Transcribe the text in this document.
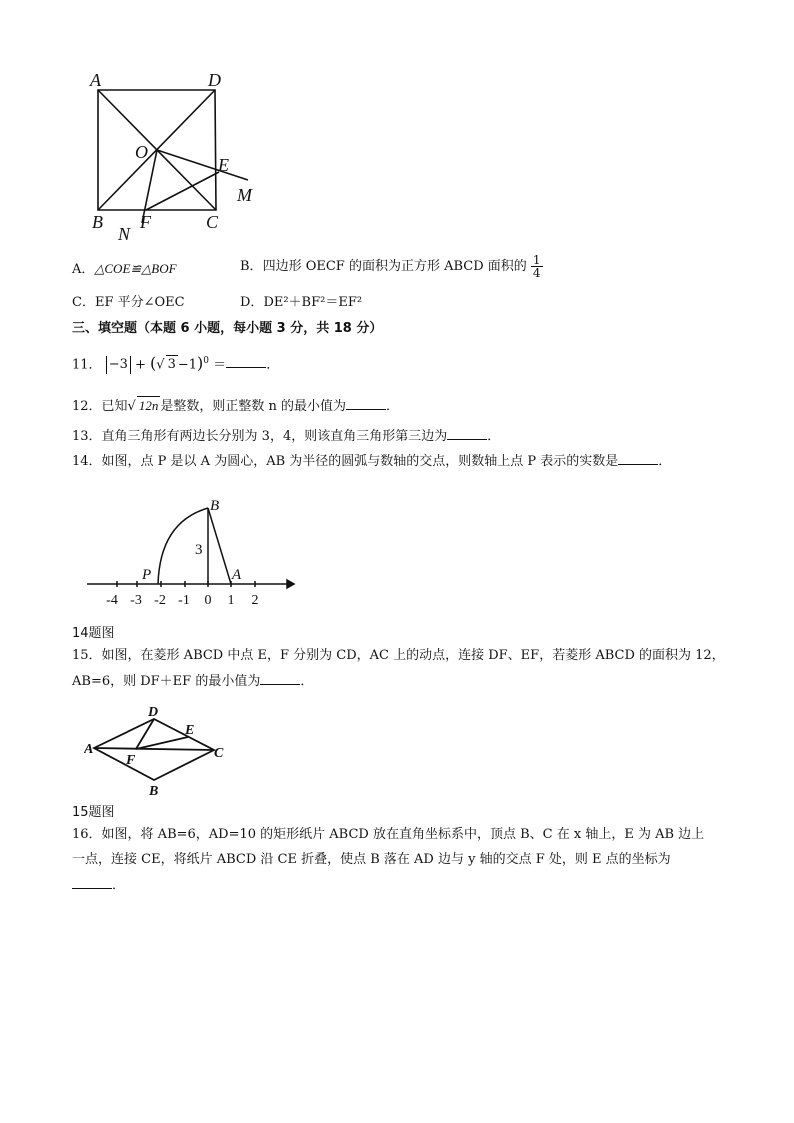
A	D
O
E
M
B
N
F	C
A．△COE≌△BOF	B．四边形 OECF 的面积为正方形 ABCD 面积的 $\frac{1}{4}$
C．EF 平分∠OEC	D．DE²＋BF²＝EF²
三、填空题（本题 6 小题，每小题 3 分，共 18 分）
11． −3 + (√ 3 −1)$^0$ ＝	．
12．已知√ 12n 是整数，则正整数 n 的最小值为	．
13．直角三角形有两边长分别为 3，4，则该直角三角形第三边为	．
14．如图，点 P 是以 A 为圆心，AB 为半径的圆弧与数轴的交点，则数轴上点 P 表示的实数是	．
B
P	A
3
-4 -3 -2 -1 0 1 2
14题图
15．如图，在菱形 ABCD 中点 E，F 分别为 CD，AC 上的动点，连接 DF、EF，若菱形 ABCD 的面积为 12，
AB=6，则 DF＋EF 的最小值为	．
A
D
E
F	C
B
15题图
16．如图，将 AB=6，AD=10 的矩形纸片 ABCD 放在直角坐标系中，顶点 B、C 在 x 轴上，E 为 AB 边上
一点，连接 CE，将纸片 ABCD 沿 CE 折叠，使点 B 落在 AD 边与 y 轴的交点 F 处，则 E 点的坐标为
．
